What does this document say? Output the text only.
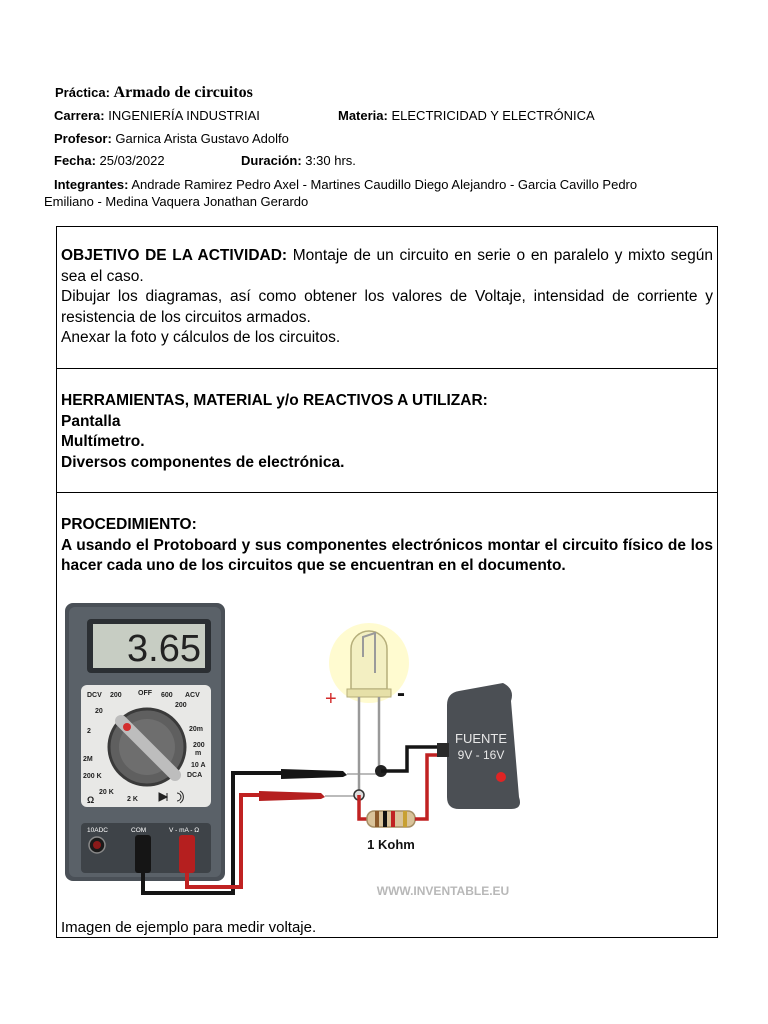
Práctica: Armado de circuitos
Carrera: INGENIERÍA INDUSTRIAI	Materia: ELECTRICIDAD Y ELECTRÓNICA
Profesor: Garnica Arista Gustavo Adolfo
Fecha: 25/03/2022	Duración: 3:30 hrs.
Integrantes: Andrade Ramirez Pedro Axel - Martines Caudillo Diego Alejandro - Garcia Cavillo Pedro
Emiliano - Medina Vaquera Jonathan Gerardo
OBJETIVO DE LA ACTIVIDAD: Montaje de un circuito en serie o en paralelo y mixto según sea el caso.
Dibujar los diagramas, así como obtener los valores de Voltaje, intensidad de corriente y resistencia de los circuitos armados.
Anexar la foto y cálculos de los circuitos.
HERRAMIENTAS, MATERIAL y/o REACTIVOS A UTILIZAR:
Pantalla
Multímetro.
Diversos componentes de electrónica.
PROCEDIMIENTO:
A usando el Protoboard y sus componentes electrónicos montar el circuito físico de los hacer cada uno de los circuitos que se encuentran en el documento.
3.65
DCV 200 OFF 600 ACV
200
20
2	20m
200
m
2M
10 A
DCA
200 K
20 K
2 K
Ω
10ADC	COM	V - mA - Ω
+	-
1 Kohm
FUENTE
9V - 16V
WWW.INVENTABLE.EU
Imagen de ejemplo para medir voltaje.
